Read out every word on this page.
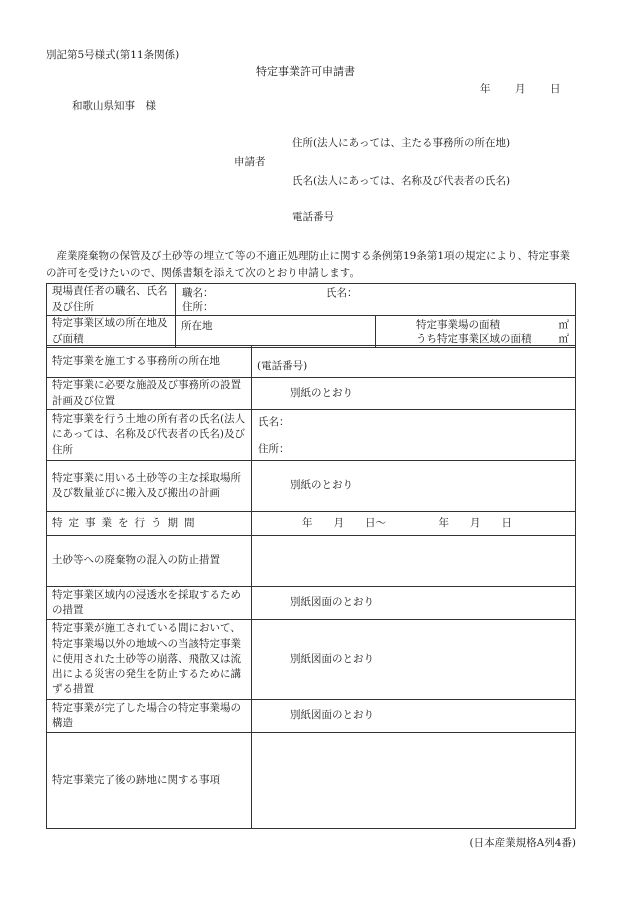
別記第5号様式(第11条関係)
特定事業許可申請書
年 月 日
和歌山県知事　様
住所(法人にあっては、主たる事務所の所在地)
申請者
氏名(法人にあっては、名称及び代表者の氏名)
電話番号
　産業廃棄物の保管及び土砂等の埋立て等の不適正処理防止に関する条例第19条第1項の規定により、特定事業の許可を受けたいので、関係書類を添えて次のとおり申請します。
現場責任者の職名、氏名及び住所	職名： 氏名：
住所：	

特定事業区域の所在地及び面積	所在地	特定事業場の面積 ㎡
うち特定事業区域の面積 ㎡
特定事業を施工する事務所の所在地	(電話番号)
特定事業に必要な施設及び事務所の設置計画及び位置	別紙のとおり
特定事業を行う土地の所有者の氏名(法人にあっては、名称及び代表者の氏名)及び住所	氏名：
住所：

特定事業に用いる土砂等の主な採取場所及び数量並びに搬入及び搬出の計画	別紙のとおり
特定事業を行う期間	年　　月　　日〜　　　　　年　　月　　日
土砂等への廃棄物の混入の防止措置	
特定事業区域内の浸透水を採取するための措置	別紙図面のとおり
特定事業が施工されている間において、特定事業場以外の地域への当該特定事業に使用された土砂等の崩落、飛散又は流出による災害の発生を防止するために講ずる措置	別紙図面のとおり
特定事業が完了した場合の特定事業場の構造	別紙図面のとおり
特定事業完了後の跡地に関する事項	
(日本産業規格A列4番)
